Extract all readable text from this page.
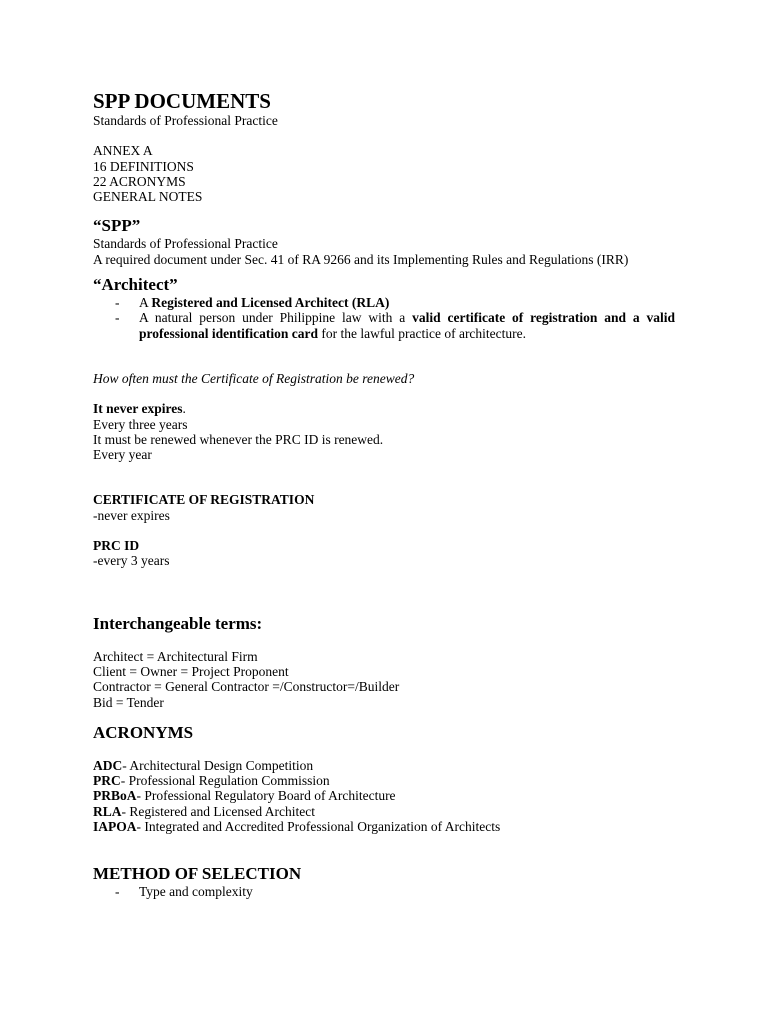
SPP DOCUMENTS
Standards of Professional Practice
ANNEX A
16 DEFINITIONS
22 ACRONYMS
GENERAL NOTES
“SPP”
Standards of Professional Practice
A required document under Sec. 41 of RA 9266 and its Implementing Rules and Regulations (IRR)
“Architect”
- A Registered and Licensed Architect (RLA)
- A natural person under Philippine law with a valid certificate of registration and a valid professional identification card for the lawful practice of architecture.
How often must the Certificate of Registration be renewed?
It never expires.
Every three years
It must be renewed whenever the PRC ID is renewed.
Every year
CERTIFICATE OF REGISTRATION
-never expires
PRC ID
-every 3 years
Interchangeable terms:
Architect = Architectural Firm
Client = Owner = Project Proponent
Contractor = General Contractor =/Constructor=/Builder
Bid = Tender
ACRONYMS
ADC- Architectural Design Competition
PRC- Professional Regulation Commission
PRBoA- Professional Regulatory Board of Architecture
RLA- Registered and Licensed Architect
IAPOA- Integrated and Accredited Professional Organization of Architects
METHOD OF SELECTION
- Type and complexity
